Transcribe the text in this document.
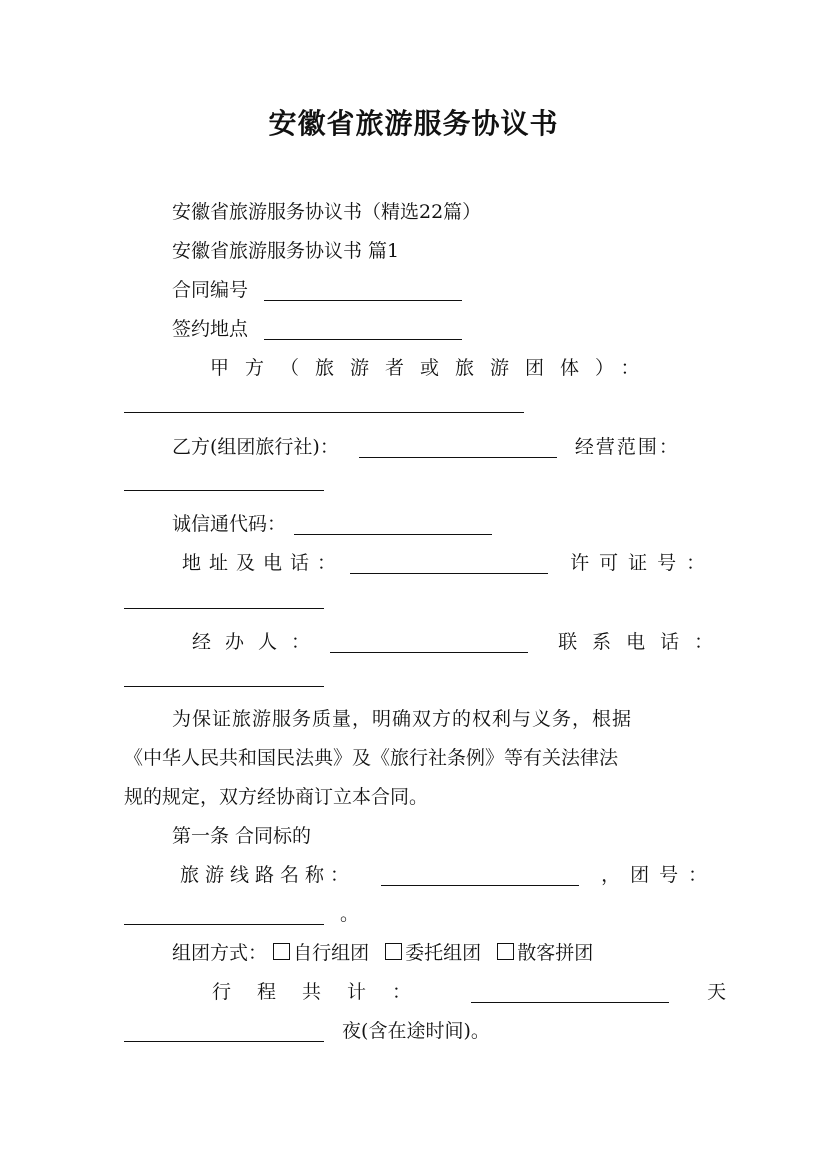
安徽省旅游服务协议书
安徽省旅游服务协议书（精选22篇）
安徽省旅游服务协议书 篇1
合同编号
签约地点
甲方（旅游者或旅游团体）：
乙方(组团旅行社)：	经营范围：
诚信通代码：
地址及电话：	许可证号：
经办人：	联系电话：
为保证旅游服务质量，明确双方的权利与义务，根据
《中华人民共和国民法典》及《旅行社条例》等有关法律法
规的规定，双方经协商订立本合同。
第一条 合同标的
旅游线路名称：	，团号：
。
组团方式： 自行组团 委托组团 散客拼团
行程共计：	天
夜(含在途时间)。
